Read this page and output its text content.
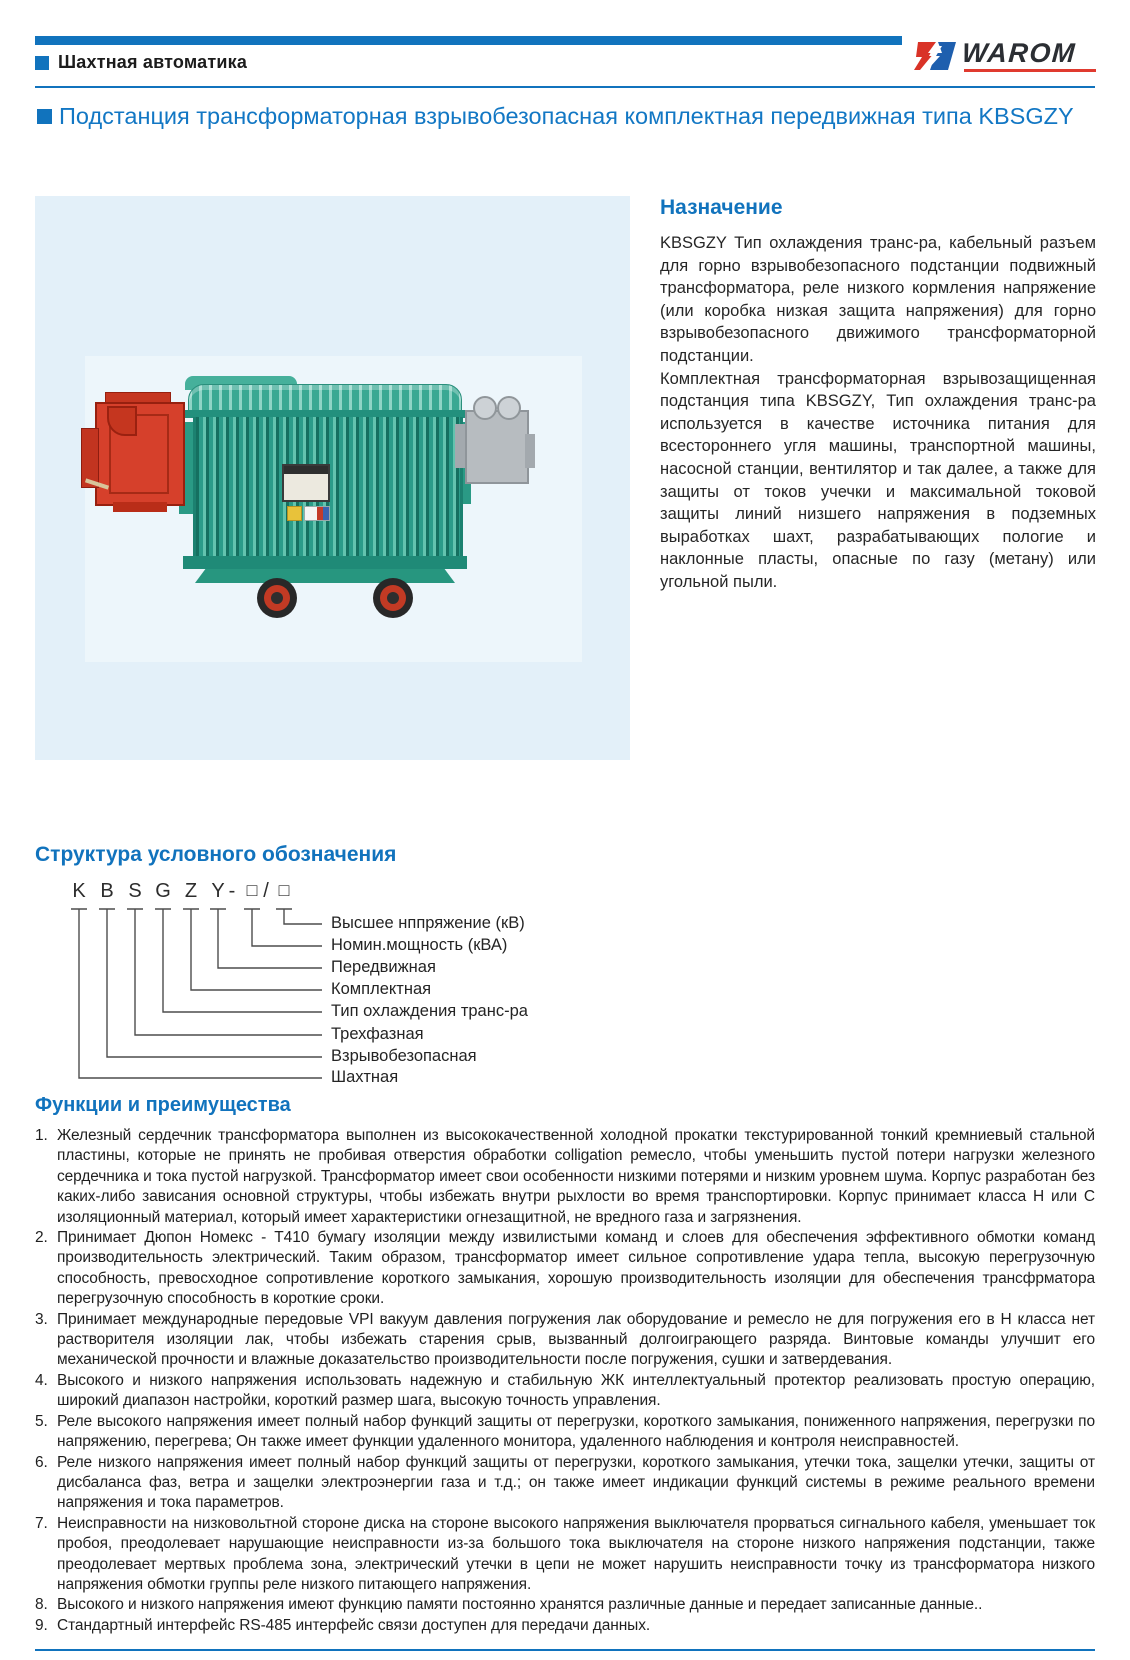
WAROM
Шахтная автоматика
Подстанция трансформаторная взрывобезопасная комплектная передвижная типа KBSGZY
Назначение

KBSGZY Тип охлаждения транс-ра, кабельный разъем для горно взрывобезопасного подстанции подвижный трансформатора, реле низкого кормления напряжение (или коробка низкая защита напряжения) для горно взрывобезопасного движимого трансформаторной подстанции.

Комплектная трансформаторная взрывозащищенная подстанция типа KBSGZY, Тип охлаждения транс-ра используется в качестве источника питания для всестороннего угля машины, транспортной машины, насосной станции, вентилятор и так далее, а также для защиты от токов учечки и максимальной токовой защиты линий низшего напряжения в подземных выработках шахт, разрабатывающих пологие и наклонные пласты, опасные по газу (метану) или угольной пыли.

Структура условного обозначения
K B S G Z Y - □ / □
Высшее нппряжение (кВ)
Номин.мощность (кВА)
Передвижная
Комплектная
Тип охлаждения транс-ра
Трехфазная
Взрывобезопасная
Шахтная
Функции и преимущества
1. Железный сердечник трансформатора выполнен из высококачественной холодной прокатки текстурированной тонкий кремниевый стальной пластины, которые не принять не пробивая отверстия обработки colligation ремесло, чтобы уменьшить пустой потери нагрузки железного сердечника и тока пустой нагрузкой. Трансформатор имеет свои особенности низкими потерями и низким уровнем шума. Корпус разработан без каких-либо зависания основной структуры, чтобы избежать внутри рыхлости во время транспортировки. Корпус принимает класса H или C изоляционный материал, который имеет характеристики огнезащитной, не вредного газа и загрязнения.
2. Принимает Дюпон Номекс - Т410 бумагу изоляции между извилистыми команд и слоев для обеспечения эффективного обмотки команд производительность электрический. Таким образом, трансформатор имеет сильное сопротивление удара тепла, высокую перегрузочную способность, превосходное сопротивление короткого замыкания, хорошую производительность изоляции для обеспечения трансфрматора перегрузочную способность в короткие сроки.
3. Принимает международные передовые VPI вакуум давления погружения лак оборудование и ремесло не для погружения его в H класса нет растворителя изоляции лак, чтобы избежать старения срыв, вызванный долгоиграющего разряда. Винтовые команды улучшит его механической прочности и влажные доказательство производительности после погружения, сушки и затвердевания.
4. Высокого и низкого напряжения использовать надежную и стабильную ЖК интеллектуальный протектор реализовать простую операцию, широкий диапазон настройки, короткий размер шага, высокую точность управления.
5. Реле высокого напряжения имеет полный набор функций защиты от перегрузки, короткого замыкания, пониженного напряжения, перегрузки по напряжению, перегрева; Он также имеет функции удаленного монитора, удаленного наблюдения и контроля неисправностей.
6. Реле низкого напряжения имеет полный набор функций защиты от перегрузки, короткого замыкания, утечки тока, защелки утечки, защиты от дисбаланса фаз, ветра и защелки электроэнергии газа и т.д.; он также имеет индикации функций системы в режиме реального времени напряжения и тока параметров.
7. Неисправности на низковольтной стороне диска на стороне высокого напряжения выключателя прорваться сигнального кабеля, уменьшает ток пробоя, преодолевает нарушающие неисправности из-за большого тока выключателя на стороне низкого напряжения подстанции, также преодолевает мертвых проблема зона, электрический утечки в цепи не может нарушить неисправности точку из трансформатора низкого напряжения обмотки группы реле низкого питающего напряжения.
8. Высокого и низкого напряжения имеют функцию памяти постоянно хранятся различные данные и передает записанные данные..
9. Стандартный интерфейс RS-485 интерфейс связи доступен для передачи данных.
